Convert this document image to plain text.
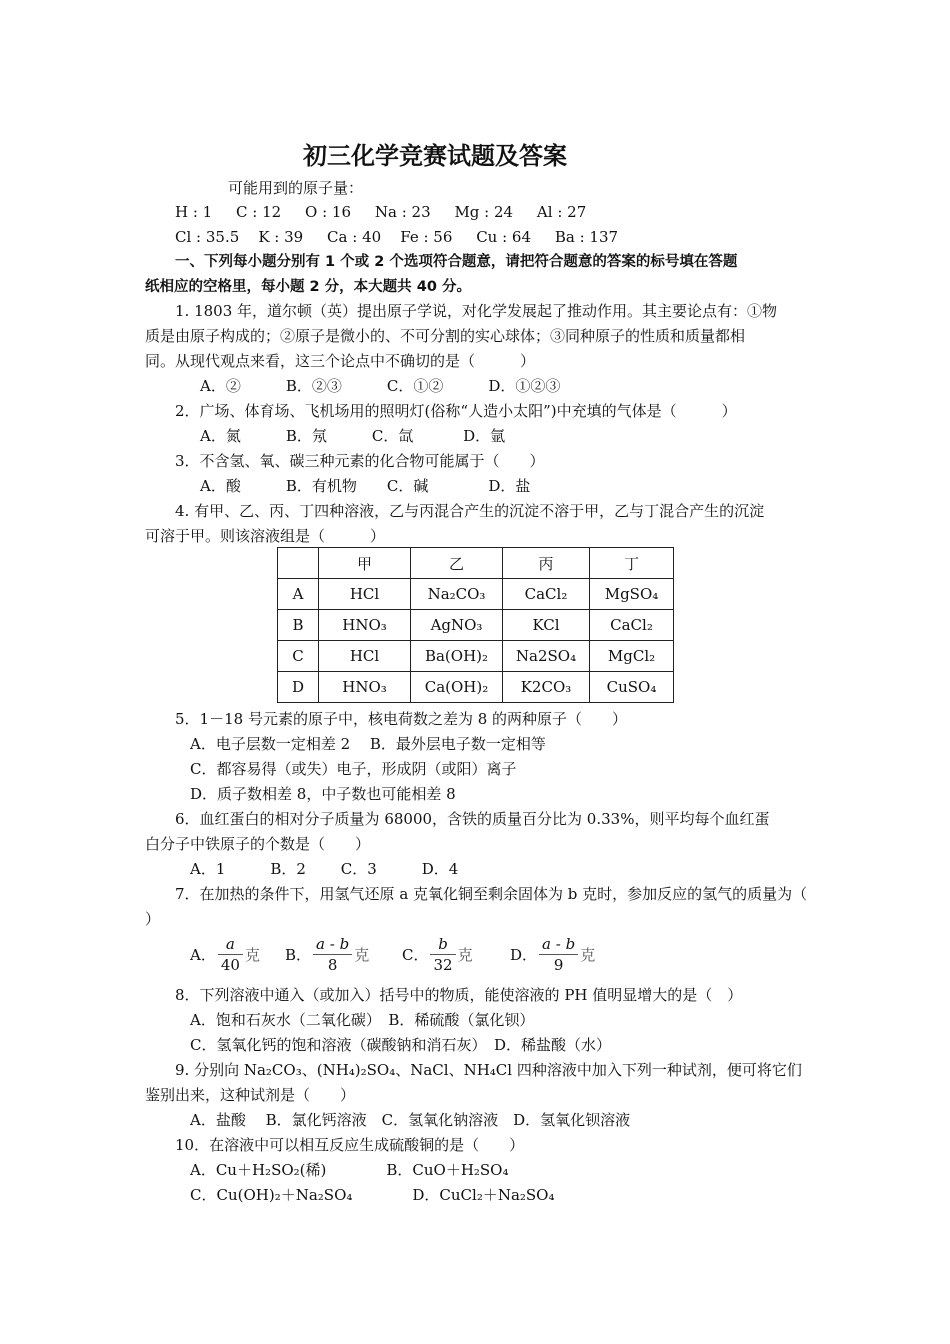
初三化学竞赛试题及答案
可能用到的原子量：
H : 1     C : 12     O : 16     Na : 23     Mg : 24     Al : 27
Cl : 35.5    K : 39     Ca : 40    Fe : 56     Cu : 64     Ba : 137
一、下列每小题分别有 1 个或 2 个选项符合题意，请把符合题意的答案的标号填在答题
纸相应的空格里，每小题 2 分，本大题共 40 分。
1. 1803 年，道尔顿（英）提出原子学说，对化学发展起了推动作用。其主要论点有：①物
质是由原子构成的；②原子是微小的、不可分割的实心球体；③同种原子的性质和质量都相
同。从现代观点来看，这三个论点中不确切的是（　　　）
A．②　　　B．②③　　　C．①②　　　D．①②③
2．广场、体育场、飞机场用的照明灯(俗称“人造小太阳”)中充填的气体是（　　　）
A．氮　　　B．氖　　　C．氙　　　 D．氩
3．不含氢、氧、碳三种元素的化合物可能属于（　　）
A．酸　　　B．有机物　　C．碱　　　　D．盐
4. 有甲、乙、丙、丁四种溶液，乙与丙混合产生的沉淀不溶于甲，乙与丁混合产生的沉淀
可溶于甲。则该溶液组是（　　　）
	甲	乙	丙	丁
A	HCl	Na₂CO₃	CaCl₂	MgSO₄
B	HNO₃	AgNO₃	KCl	CaCl₂
C	HCl	Ba(OH)₂	Na2SO₄	MgCl₂
D	HNO₃	Ca(OH)₂	K2CO₃	CuSO₄
5．1－18 号元素的原子中，核电荷数之差为 8 的两种原子（　　）
A．电子层数一定相差 2　 B．最外层电子数一定相等
C．都容易得（或失）电子，形成阴（或阳）离子
D．质子数相差 8，中子数也可能相差 8
6．血红蛋白的相对分子质量为 68000，含铁的质量百分比为 0.33%，则平均每个血红蛋
白分子中铁原子的个数是（　　）
A．1　　　B．2　　 C．3　　　D．4
7．在加热的条件下，用氢气还原 a 克氧化铜至剩余固体为 b 克时，参加反应的氢气的质量为（
）
A． $\frac{a}{40}$ 克 B． $\frac{a - b}{8}$ 克 C． $\frac{b}{32}$ 克 D． $\frac{a - b}{9}$ 克
8．下列溶液中通入（或加入）括号中的物质，能使溶液的 PH 值明显增大的是（　）
A．饱和石灰水（二氧化碳）　B．稀硫酸（氯化钡）
C．氢氧化钙的饱和溶液（碳酸钠和消石灰）　D．稀盐酸（水）
9. 分别向 Na₂CO₃、(NH₄)₂SO₄、NaCl、NH₄Cl 四种溶液中加入下列一种试剂，便可将它们
鉴别出来，这种试剂是（　　）
A．盐酸　 B．氯化钙溶液　C．氢氧化钠溶液　D．氢氧化钡溶液
10．在溶液中可以相互反应生成硫酸铜的是（　　）
A．Cu＋H₂SO₂(稀)　　　　B．CuO＋H₂SO₄
C．Cu(OH)₂＋Na₂SO₄　　　　D．CuCl₂＋Na₂SO₄
